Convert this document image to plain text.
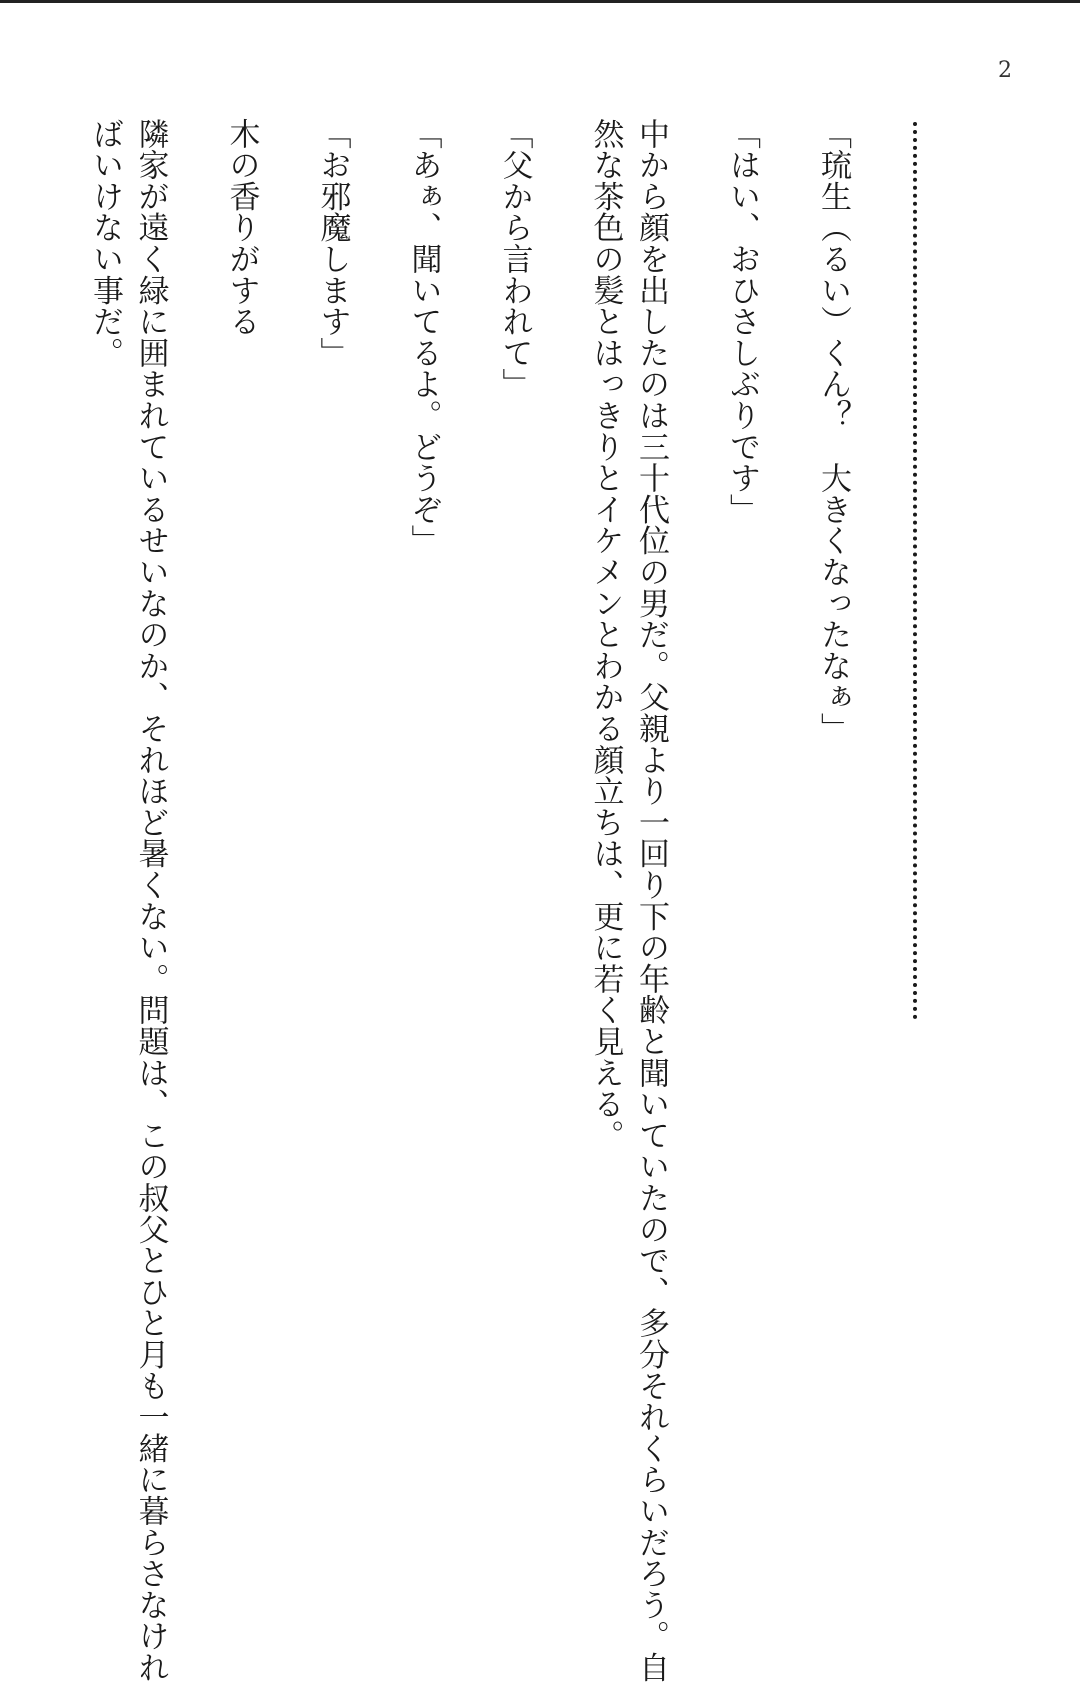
2
「琉生（るい）くん？　大きくなったなぁ」
「はい、おひさしぶりです」
中から顔を出したのは三十代位の男だ。父親より一回り下の年齢と聞いていたので、多分それくらいだろう。自
然な茶色の髪とはっきりとイケメンとわかる顔立ちは、更に若く見える。
「父から言われて」
「あぁ、聞いてるよ。どうぞ」
「お邪魔します」
木の香りがする
隣家が遠く緑に囲まれているせいなのか、それほど暑くない。問題は、この叔父とひと月も一緒に暮らさなけれ
ばいけない事だ。
